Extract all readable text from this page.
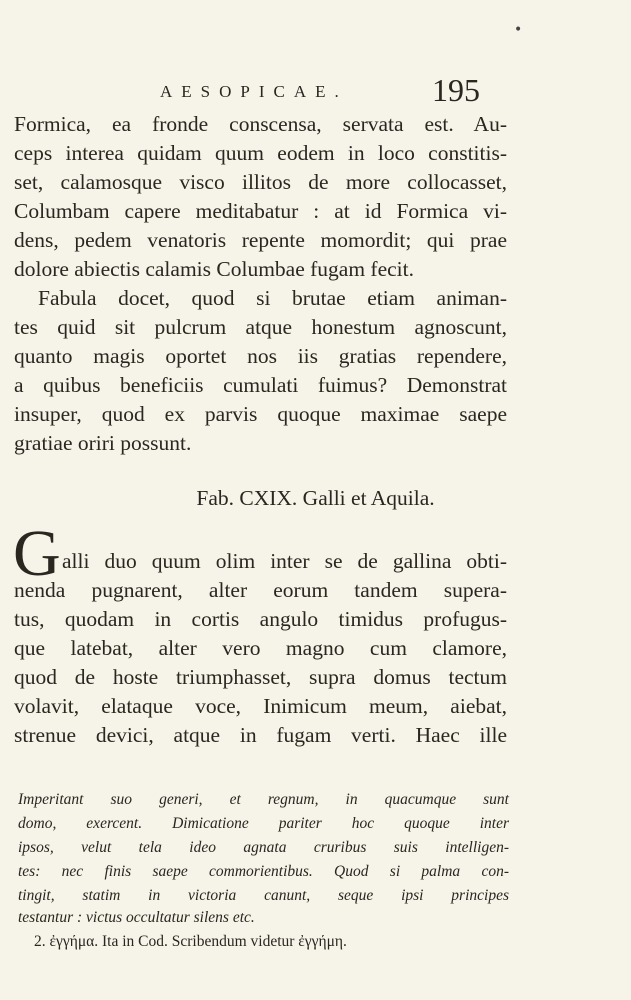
•
AESOPICAE.	195
Formica, ea fronde conscensa, servata est. Au-
ceps interea quidam quum eodem in loco constitis-
set, calamosque visco illitos de more collocasset,
Columbam capere meditabatur : at id Formica vi-
dens, pedem venatoris repente momordit; qui prae
dolore abiectis calamis Columbae fugam fecit.
Fabula docet, quod si brutae etiam animan-
tes quid sit pulcrum atque honestum agnoscunt,
quanto magis oportet nos iis gratias rependere,
a quibus beneficiis cumulati fuimus? Demonstrat
insuper, quod ex parvis quoque maximae saepe
gratiae oriri possunt.
Fab. CXIX. Galli et Aquila.
G alli duo quum olim inter se de gallina obti-
nenda pugnarent, alter eorum tandem supera-
tus, quodam in cortis angulo timidus profugus-
que latebat, alter vero magno cum clamore,
quod de hoste triumphasset, supra domus tectum
volavit, elataque voce, Inimicum meum, aiebat,
strenue devici, atque in fugam verti. Haec ille
Imperitant suo generi, et regnum, in quacumque sunt
domo, exercent. Dimicatione pariter hoc quoque inter
ipsos, velut tela ideo agnata cruribus suis intelligen-
tes: nec finis saepe commorientibus. Quod si palma con-
tingit, statim in victoria canunt, seque ipsi principes
testantur : victus occultatur silens etc.
2. ἐγγήμα. Ita in Cod. Scribendum videtur ἐγγήμη.
